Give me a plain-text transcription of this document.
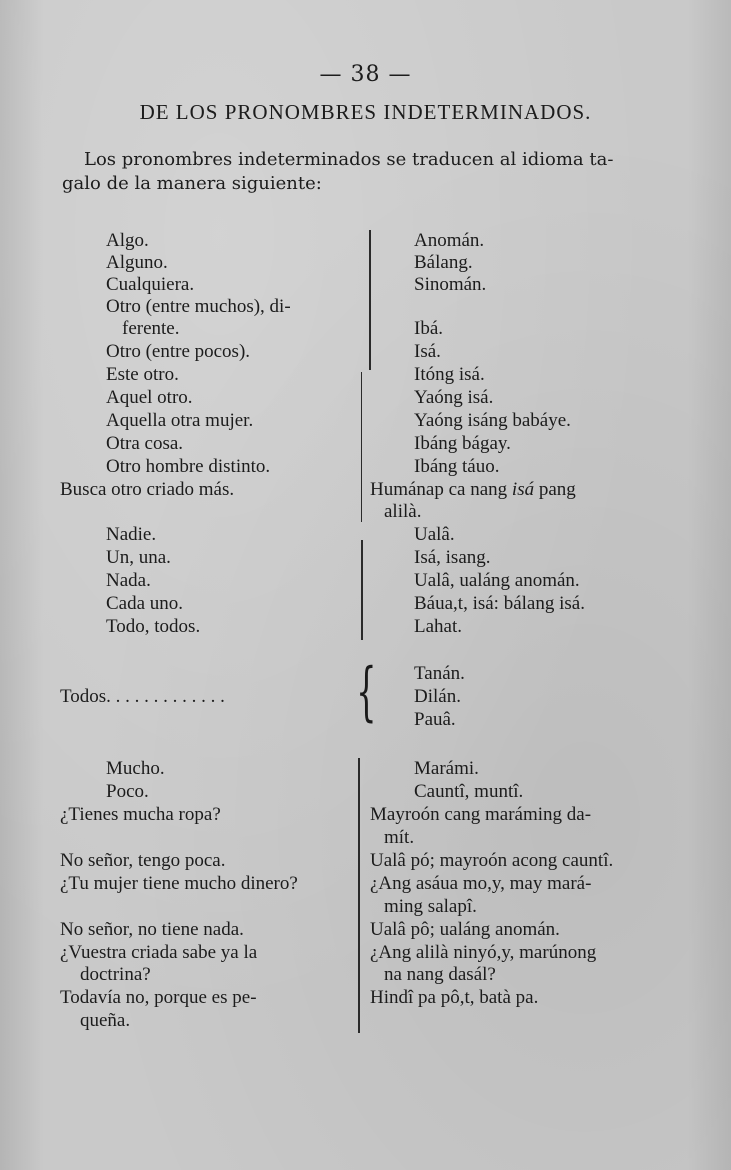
— 38 —
DE LOS PRONOMBRES INDETERMINADOS.
Los pronombres indeterminados se traducen al idioma ta-
galo de la manera siguiente:
Algo.
Alguno.
Cualquiera.
Otro (entre muchos), di-
ferente.
Otro (entre pocos).
Este otro.
Aquel otro.
Aquella otra mujer.
Otra cosa.
Otro hombre distinto.
Busca otro criado más.
Anomán.
Bálang.
Sinomán.
Ibá.
Isá.
Itóng isá.
Yaóng isá.
Yaóng isáng babáye.
Ibáng bágay.
Ibáng táuo.
Humánap ca nang isá pang
alilà.
Nadie.
Un, una.
Nada.
Cada uno.
Todo, todos.
Ualâ.
Isá, isang.
Ualâ, ualáng anomán.
Báua,t, isá: bálang isá.
Lahat.
Todos. . . . . . . . . . . . . { Tanán.
Dilán.
Pauâ.
Mucho.
Poco.
¿Tienes mucha ropa?
No señor, tengo poca.
¿Tu mujer tiene mucho dinero?
No señor, no tiene nada.
¿Vuestra criada sabe ya la
doctrina?
Todavía no, porque es pe-
queña.
Marámi.
Cauntî, muntî.
Mayroón cang maráming da-
mít.
Ualâ pó; mayroón acong cauntî.
¿Ang asáua mo,y, may mará-
ming salapî.
Ualâ pô; ualáng anomán.
¿Ang alilà ninyó,y, marúnong
na nang dasál?
Hindî pa pô,t, batà pa.
